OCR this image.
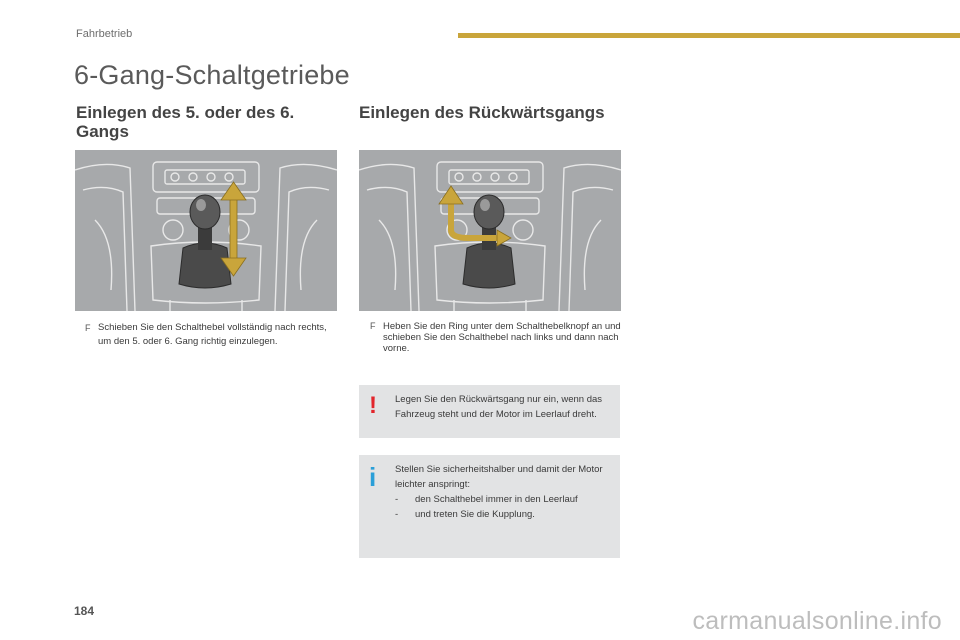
Fahrbetrieb
6-Gang-Schaltgetriebe
Einlegen des 5. oder des 6. Gangs
Einlegen des Rückwärtsgangs
F Schieben Sie den Schalthebel vollständig nach rechts, um den 5. oder 6. Gang richtig einzulegen.
F Heben Sie den Ring unter dem Schalthebelknopf an und schieben Sie den Schalthebel nach links und dann nach vorne.
! Legen Sie den Rückwärtsgang nur ein, wenn das Fahrzeug steht und der Motor im Leerlauf dreht.
i Stellen Sie sicherheitshalber und damit der Motor leichter anspringt:
- den Schalthebel immer in den Leerlauf
- und treten Sie die Kupplung.
184	carmanualsonline.info
